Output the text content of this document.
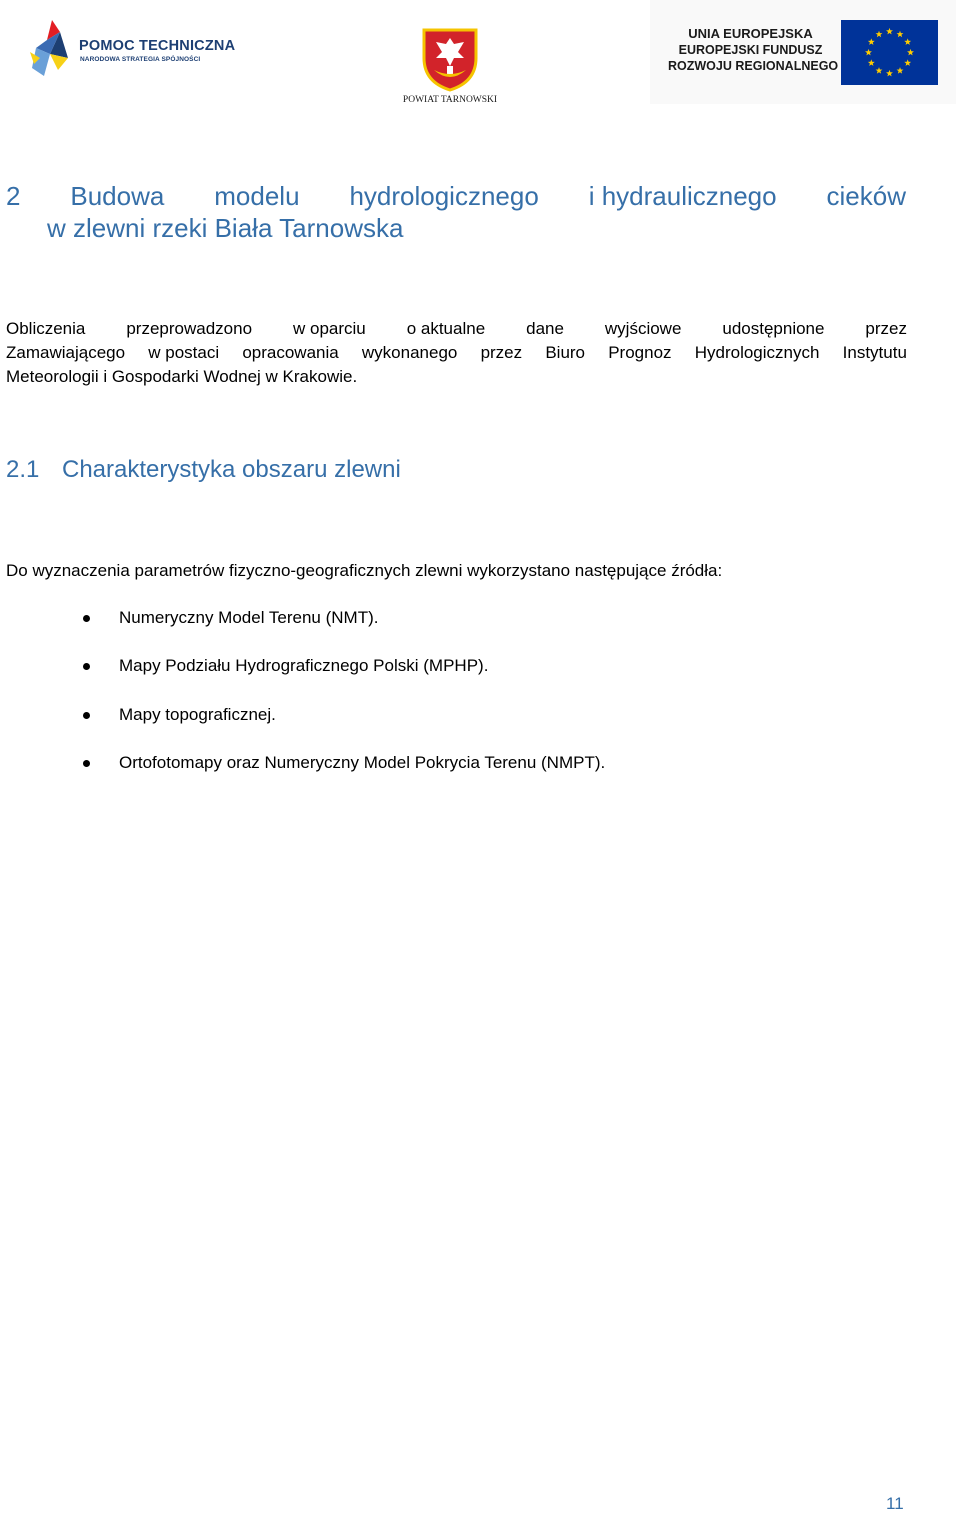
POMOC TECHNICZNA
NARODOWA STRATEGIA SPÓJNOŚCI
POWIAT TARNOWSKI
UNIA EUROPEJSKA
EUROPEJSKI FUNDUSZ
ROZWOJU REGIONALNEGO
2 Budowa modelu hydrologicznego i hydraulicznego cieków
w zlewni rzeki Biała Tarnowska
Obliczenia przeprowadzono w oparciu o aktualne dane wyjściowe udostępnione przez
Zamawiającego w postaci opracowania wykonanego przez Biuro Prognoz Hydrologicznych Instytutu
Meteorologii i Gospodarki Wodnej w Krakowie.
2.1 Charakterystyka obszaru zlewni
Do wyznaczenia parametrów fizyczno-geograficznych zlewni wykorzystano następujące źródła:
Numeryczny Model Terenu (NMT).
Mapy Podziału Hydrograficznego Polski (MPHP).
Mapy topograficznej.
Ortofotomapy oraz Numeryczny Model Pokrycia Terenu (NMPT).
11
